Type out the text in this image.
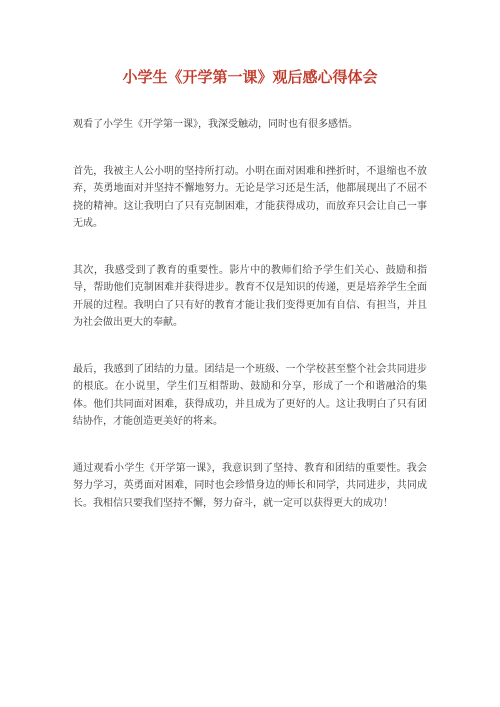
小学生《开学第一课》观后感心得体会

观看了小学生《开学第一课》，我深受触动，同时也有很多感悟。

首先，我被主人公小明的坚持所打动。小明在面对困难和挫折时，不退缩也不放弃，英勇地面对并坚持不懈地努力。无论是学习还是生活，他都展现出了不屈不挠的精神。这让我明白了只有克制困难，才能获得成功，而放弃只会让自己一事无成。

其次，我感受到了教育的重要性。影片中的教师们给予学生们关心、鼓励和指导，帮助他们克制困难并获得进步。教育不仅是知识的传递，更是培养学生全面开展的过程。我明白了只有好的教育才能让我们变得更加有自信、有担当，并且为社会做出更大的奉献。

最后，我感到了团结的力量。团结是一个班级、一个学校甚至整个社会共同进步的根底。在小说里，学生们互相帮助、鼓励和分享，形成了一个和谐融洽的集体。他们共同面对困难，获得成功，并且成为了更好的人。这让我明白了只有团结协作，才能创造更美好的将来。

通过观看小学生《开学第一课》，我意识到了坚持、教育和团结的重要性。我会努力学习，英勇面对困难，同时也会珍惜身边的师长和同学，共同进步，共同成长。我相信只要我们坚持不懈，努力奋斗，就一定可以获得更大的成功！
